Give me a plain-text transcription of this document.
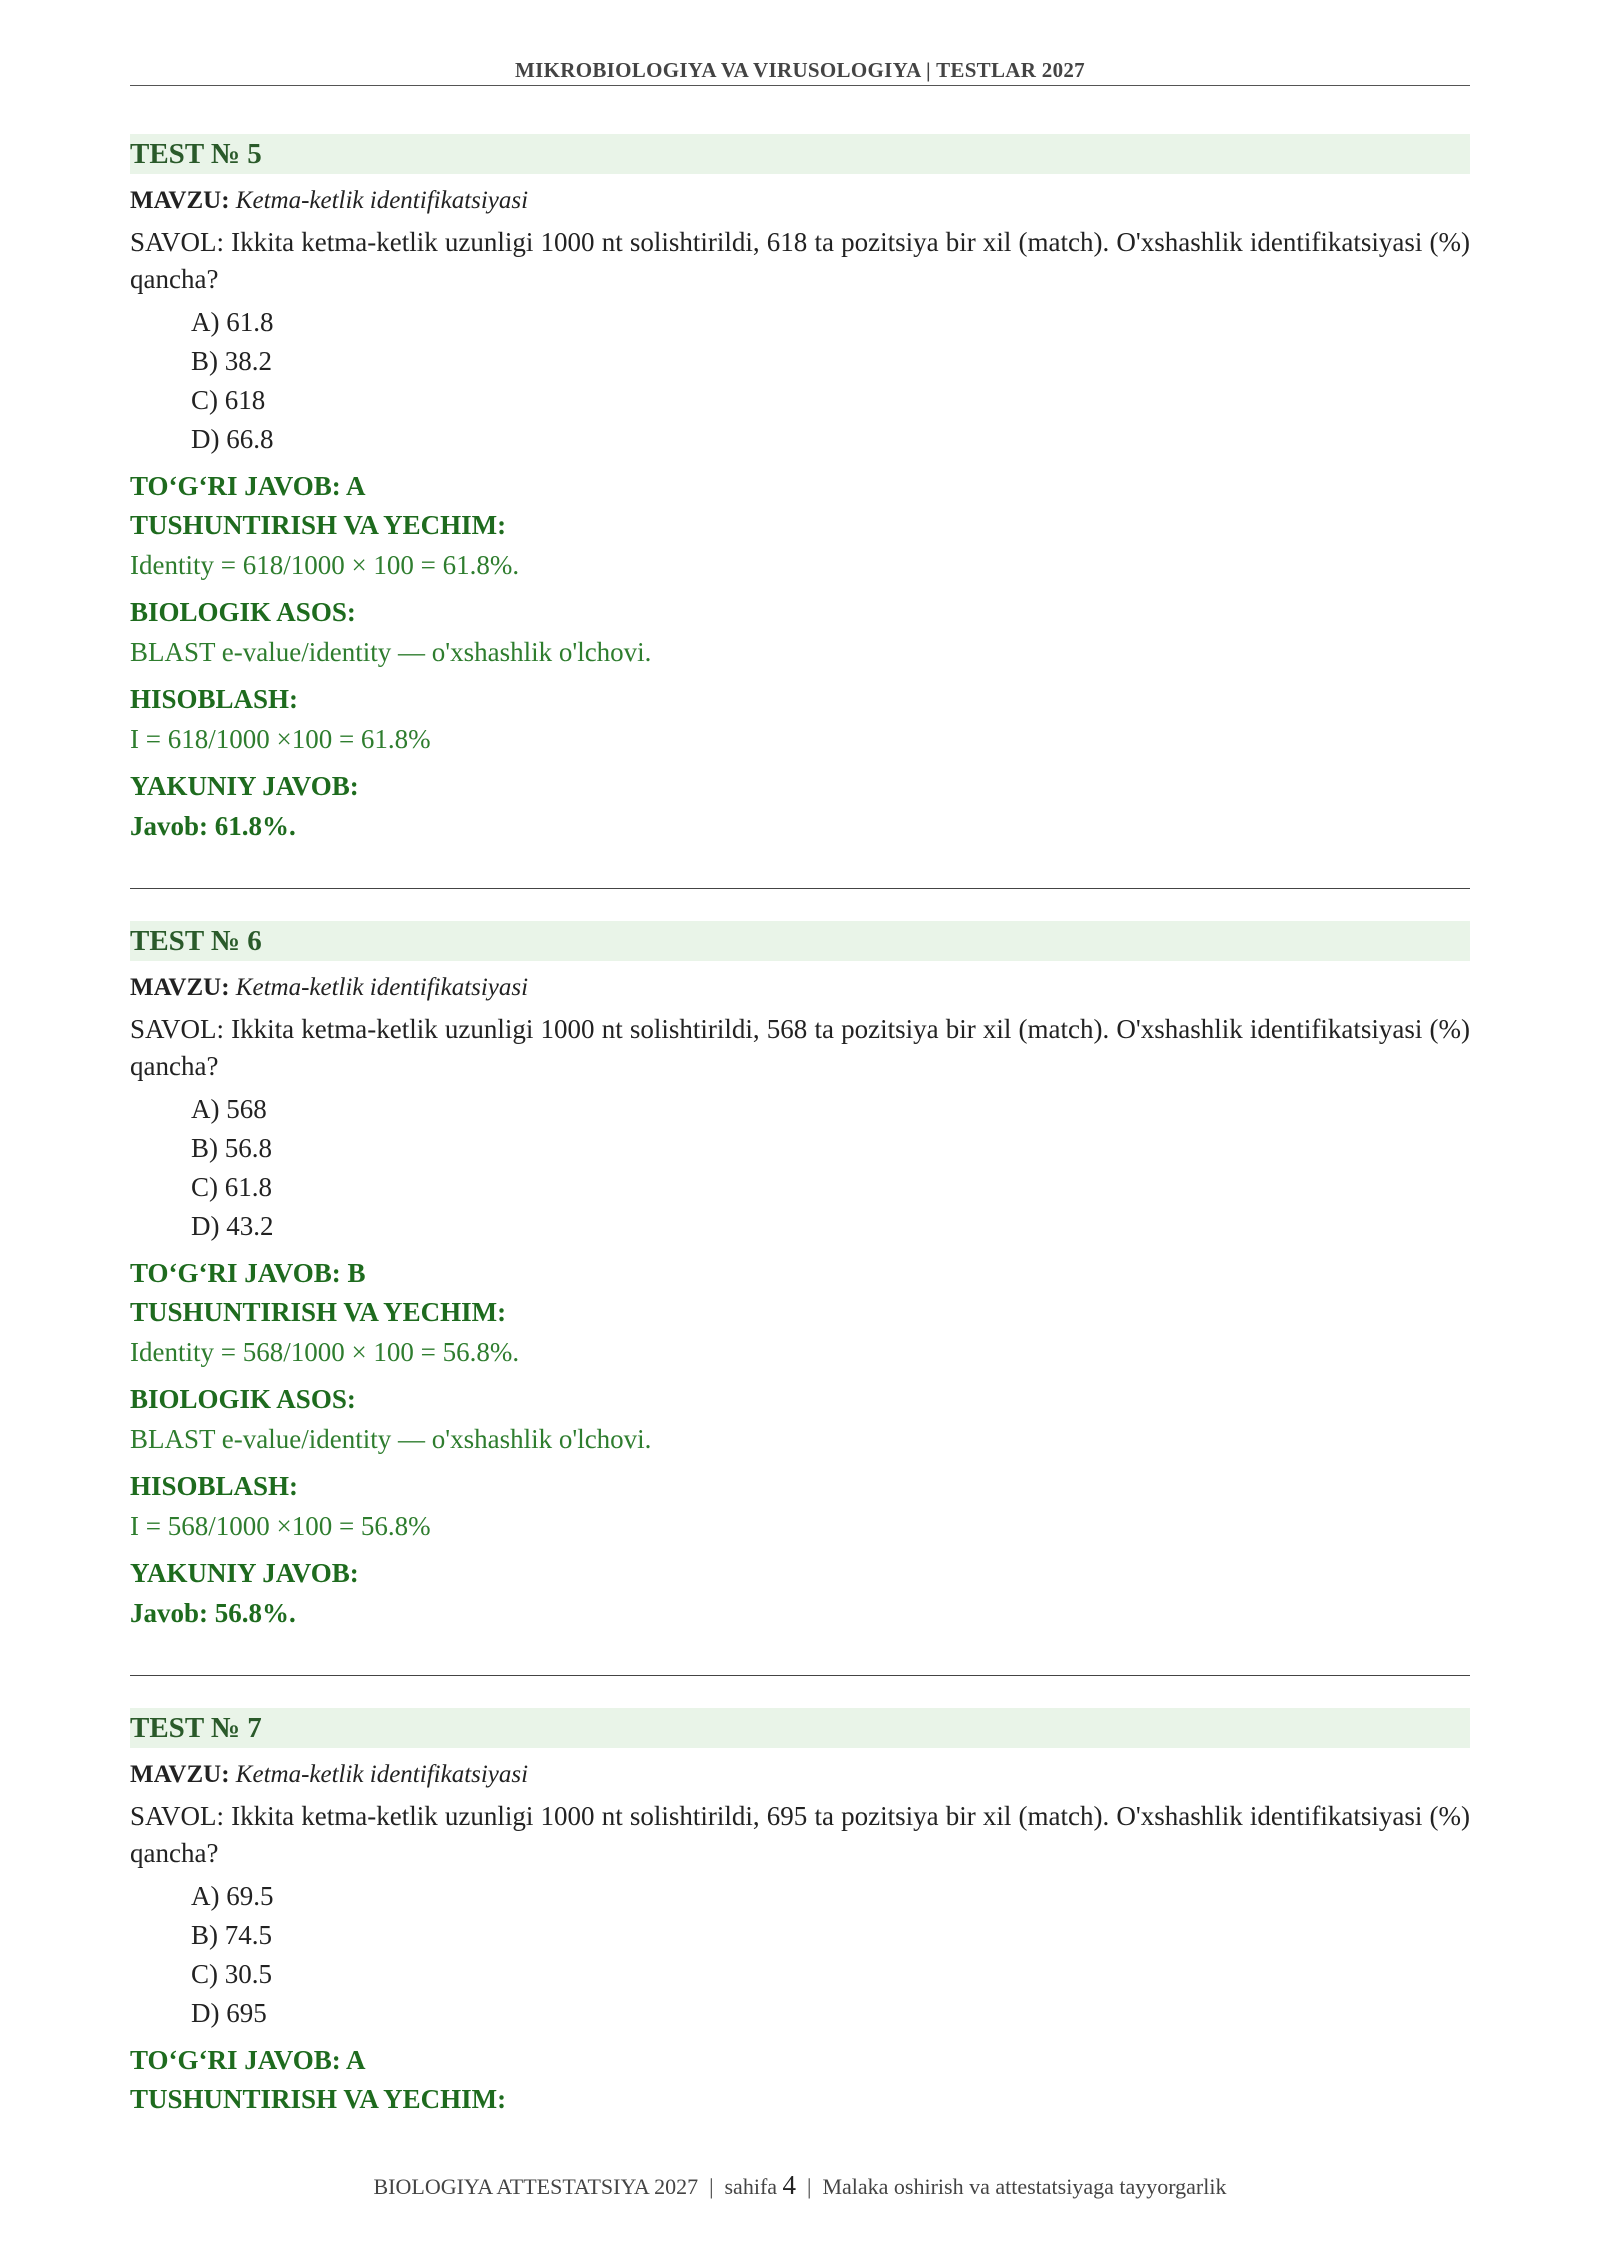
MIKROBIOLOGIYA VA VIRUSOLOGIYA | TESTLAR 2027
TEST № 5
MAVZU: Ketma-ketlik identifikatsiyasi
SAVOL: Ikkita ketma-ketlik uzunligi 1000 nt solishtirildi, 618 ta pozitsiya bir xil (match). O'xshashlik identifikatsiyasi (%) qancha?
A) 61.8
B) 38.2
C) 618
D) 66.8
TO‘G‘RI JAVOB: A
TUSHUNTIRISH VA YECHIM:
Identity = 618/1000 × 100 = 61.8%.
BIOLOGIK ASOS:
BLAST e-value/identity — o'xshashlik o'lchovi.
HISOBLASH:
I = 618/1000 ×100 = 61.8%
YAKUNIY JAVOB:
Javob: 61.8%.
TEST № 6
MAVZU: Ketma-ketlik identifikatsiyasi
SAVOL: Ikkita ketma-ketlik uzunligi 1000 nt solishtirildi, 568 ta pozitsiya bir xil (match). O'xshashlik identifikatsiyasi (%) qancha?
A) 568
B) 56.8
C) 61.8
D) 43.2
TO‘G‘RI JAVOB: B
TUSHUNTIRISH VA YECHIM:
Identity = 568/1000 × 100 = 56.8%.
BIOLOGIK ASOS:
BLAST e-value/identity — o'xshashlik o'lchovi.
HISOBLASH:
I = 568/1000 ×100 = 56.8%
YAKUNIY JAVOB:
Javob: 56.8%.
TEST № 7
MAVZU: Ketma-ketlik identifikatsiyasi
SAVOL: Ikkita ketma-ketlik uzunligi 1000 nt solishtirildi, 695 ta pozitsiya bir xil (match). O'xshashlik identifikatsiyasi (%) qancha?
A) 69.5
B) 74.5
C) 30.5
D) 695
TO‘G‘RI JAVOB: A
TUSHUNTIRISH VA YECHIM:
BIOLOGIYA ATTESTATSIYA 2027 | sahifa 4 | Malaka oshirish va attestatsiyaga tayyorgarlik
